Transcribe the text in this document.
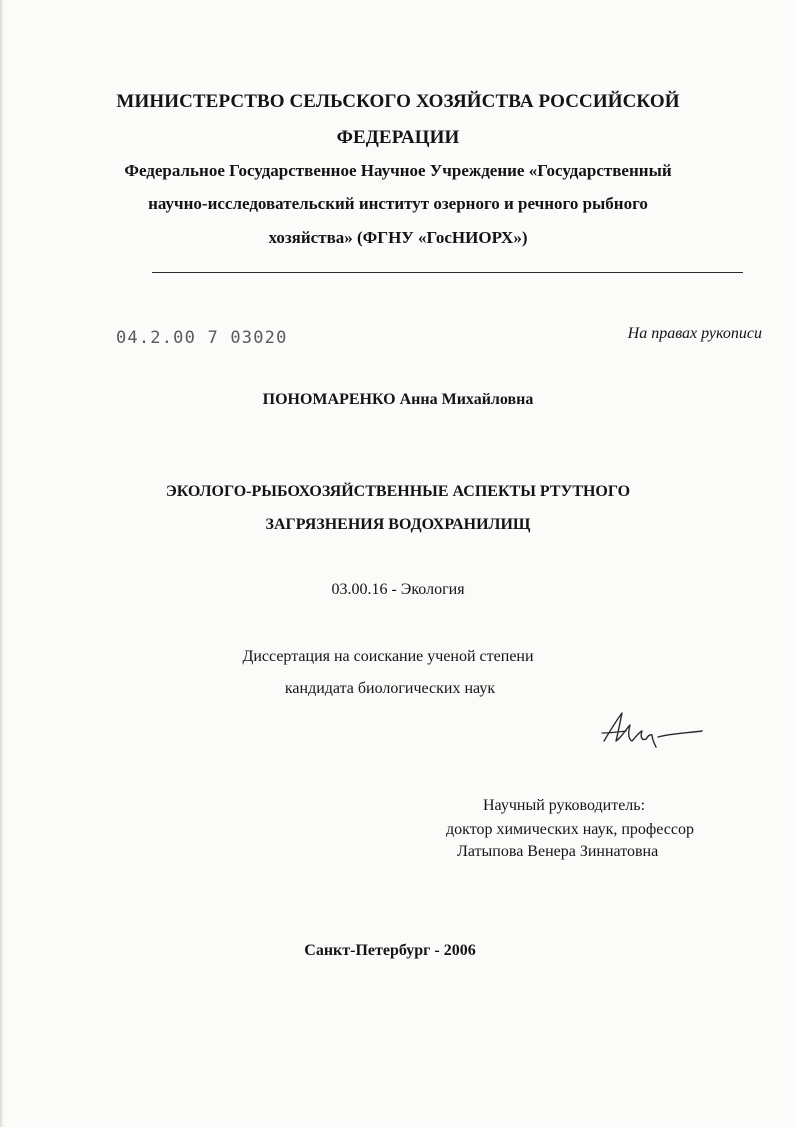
МИНИСТЕРСТВО СЕЛЬСКОГО ХОЗЯЙСТВА РОССИЙСКОЙ
ФЕДЕРАЦИИ
Федеральное Государственное Научное Учреждение «Государственный
научно-исследовательский институт озерного и речного рыбного
хозяйства» (ФГНУ «ГосНИОРХ»)
04.2.00 7 03020	На правах рукописи
ПОНОМАРЕНКО Анна Михайловна
ЭКОЛОГО-РЫБОХОЗЯЙСТВЕННЫЕ АСПЕКТЫ РТУТНОГО
ЗАГРЯЗНЕНИЯ ВОДОХРАНИЛИЩ
03.00.16 - Экология
Диссертация на соискание ученой степени
кандидата биологических наук
Научный руководитель:
доктор химических наук, профессор
Латыпова Венера Зиннатовна
Санкт-Петербург - 2006
